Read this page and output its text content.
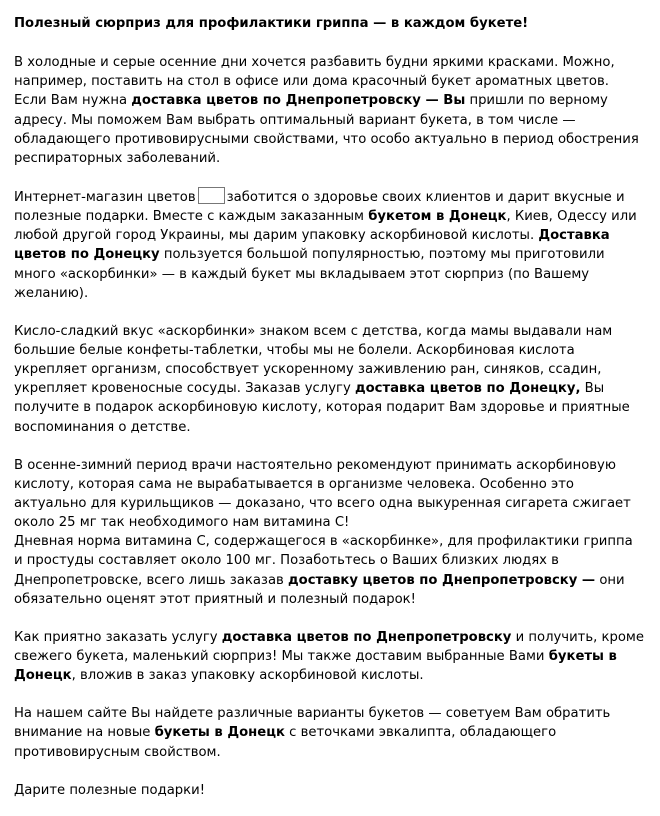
Полезный сюрприз для профилактики гриппа — в каждом букете!

В холодные и серые осенние дни хочется разбавить будни яркими красками. Можно, например, поставить на стол в офисе или дома красочный букет ароматных цветов. Если Вам нужна доставка цветов по Днепропетровску — Вы пришли по верному адресу. Мы поможем Вам выбрать оптимальный вариант букета, в том числе — обладающего противовирусными свойствами, что особо актуально в период обострения респираторных заболеваний.

Интернет-магазин цветов заботится о здоровье своих клиентов и дарит вкусные и полезные подарки. Вместе с каждым заказанным букетом в Донецк, Киев, Одессу или любой другой город Украины, мы дарим упаковку аскорбиновой кислоты. Доставка цветов по Донецку пользуется большой популярностью, поэтому мы приготовили много «аскорбинки» — в каждый букет мы вкладываем этот сюрприз (по Вашему желанию).

Кисло-сладкий вкус «аскорбинки» знаком всем с детства, когда мамы выдавали нам большие белые конфеты-таблетки, чтобы мы не болели. Аскорбиновая кислота укрепляет организм, способствует ускоренному заживлению ран, синяков, ссадин, укрепляет кровеносные сосуды. Заказав услугу доставка цветов по Донецку, Вы получите в подарок аскорбиновую кислоту, которая подарит Вам здоровье и приятные воспоминания о детстве.

В осенне-зимний период врачи настоятельно рекомендуют принимать аскорбиновую кислоту, которая сама не вырабатывается в организме человека. Особенно это актуально для курильщиков — доказано, что всего одна выкуренная сигарета сжигает около 25 мг так необходимого нам витамина С!
Дневная норма витамина С, содержащегося в «аскорбинке», для профилактики гриппа и простуды составляет около 100 мг. Позаботьтесь о Ваших близких людях в Днепропетровске, всего лишь заказав доставку цветов по Днепропетровску — они обязательно оценят этот приятный и полезный подарок!

Как приятно заказать услугу доставка цветов по Днепропетровску и получить, кроме свежего букета, маленький сюрприз! Мы также доставим выбранные Вами букеты в Донецк, вложив в заказ упаковку аскорбиновой кислоты.

На нашем сайте Вы найдете различные варианты букетов — советуем Вам обратить внимание на новые букеты в Донецк с веточками эвкалипта, обладающего противовирусным свойством.

Дарите полезные подарки!
